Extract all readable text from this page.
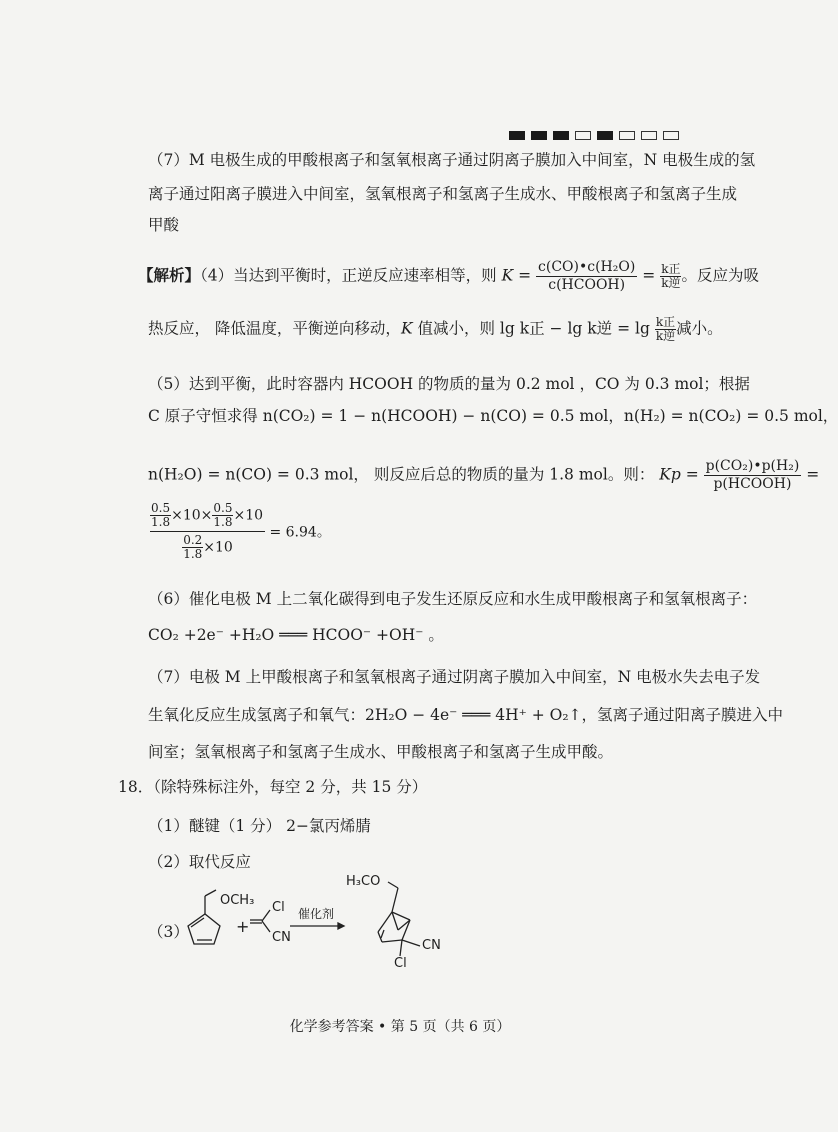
（7）M 电极生成的甲酸根离子和氢氧根离子通过阴离子膜加入中间室，N 电极生成的氢
离子通过阳离子膜进入中间室，氢氧根离子和氢离子生成水、甲酸根离子和氢离子生成
甲酸
【解析】（4）当达到平衡时，正逆反应速率相等，则 $K = \frac{\text{c(CO)•c(H₂O)}}{\text{c(HCOOH)}} = \frac{\text{k正}}{\text{k逆}}$ 。反应为吸
热反应， 降低温度，平衡逆向移动，K 值减小，则 lg k正 − lg k逆 = $\lg \frac{\text{k正}}{\text{k逆}}$ 减小。
（5）达到平衡，此时容器内 HCOOH 的物质的量为 0.2 mol ，CO 为 0.3 mol；根据
C 原子守恒求得 n(CO₂) = 1 − n(HCOOH) − n(CO) = 0.5 mol，n(H₂) = n(CO₂) = 0.5 mol，
n(H₂O) = n(CO) = 0.3 mol， 则反应后总的物质的量为 1.8 mol。则： $Kp = \frac{\text{p(CO₂)•p(H₂)}}{\text{p(HCOOH)}}$ =
$\frac{\frac{0.5}{1.8} \times 10\times \frac{0.5}{1.8} \times 10}{\frac{0.2}{1.8} \times 10} = 6.94$。
（6）催化电极 M 上二氧化碳得到电子发生还原反应和水生成甲酸根离子和氢氧根离子：
CO₂ +2e⁻ +H₂O ═══ HCOO⁻ +OH⁻ 。
（7）电极 M 上甲酸根离子和氢氧根离子通过阴离子膜加入中间室，N 电极水失去电子发
生氧化反应生成氢离子和氧气：2H₂O − 4e⁻ ═══ 4H⁺ + O₂↑，氢离子通过阳离子膜进入中
间室；氢氧根离子和氢离子生成水、甲酸根离子和氢离子生成甲酸。
18．（除特殊标注外，每空 2 分，共 15 分）
（1）醚键（1 分） 2−氯丙烯腈
（2）取代反应
（3）
OCH₃
+
Cl
CN
催化剂
H₃CO
CN
Cl
化学参考答案 • 第 5 页（共 6 页）
